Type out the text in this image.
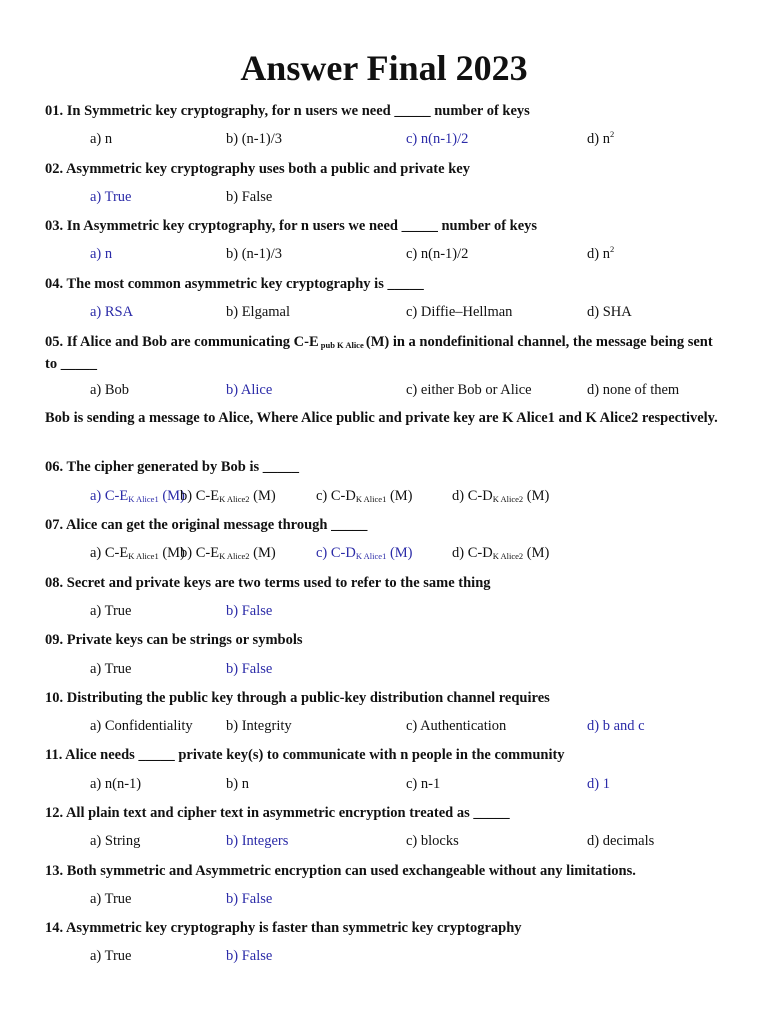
Answer Final 2023
01. In Symmetric key cryptography, for n users we need _____ number of keys
a) n	b) (n-1)/3	c) n(n-1)/2	d) $n^2$
02. Asymmetric key cryptography uses both a public and private key
a) True	b) False
03. In Asymmetric key cryptography, for n users we need _____ number of keys
a) n	b) (n-1)/3	c) n(n-1)/2	d) $n^2$
04. The most common asymmetric key cryptography is _____
a) RSA	b) Elgamal	c) Diffie–Hellman	d) SHA
05. If Alice and Bob are communicating C-E pub K Alice (M) in a nondefinitional channel, the message being sent to _____
a) Bob	b) Alice	c) either Bob or Alice	d) none of them
Bob is sending a message to Alice, Where Alice public and private key are K Alice1 and K Alice2 respectively.
06. The cipher generated by Bob is _____
a) $C-E_{K Alice1}$ (M)
b) $C-E_{K Alice2}$ (M)	c) $C-D_{K Alice1}$ (M)	d) $C-D_{K Alice2}$ (M)
07. Alice can get the original message through _____
a) $C-E_{K Alice1}$ (M)
b) $C-E_{K Alice2}$ (M)	c) $C-D_{K Alice1}$ (M)	d) $C-D_{K Alice2}$ (M)
08. Secret and private keys are two terms used to refer to the same thing
a) True	b) False
09. Private keys can be strings or symbols
a) True	b) False
10. Distributing the public key through a public-key distribution channel requires
a) Confidentiality b) Integrity	c) Authentication	d) b and c
11. Alice needs _____ private key(s) to communicate with n people in the community
a) n(n-1)	b) n	c) n-1	d) 1
12. All plain text and cipher text in asymmetric encryption treated as _____
a) String	b) Integers	c) blocks	d) decimals
13. Both symmetric and Asymmetric encryption can used exchangeable without any limitations.
a) True	b) False
14. Asymmetric key cryptography is faster than symmetric key cryptography
a) True	b) False
